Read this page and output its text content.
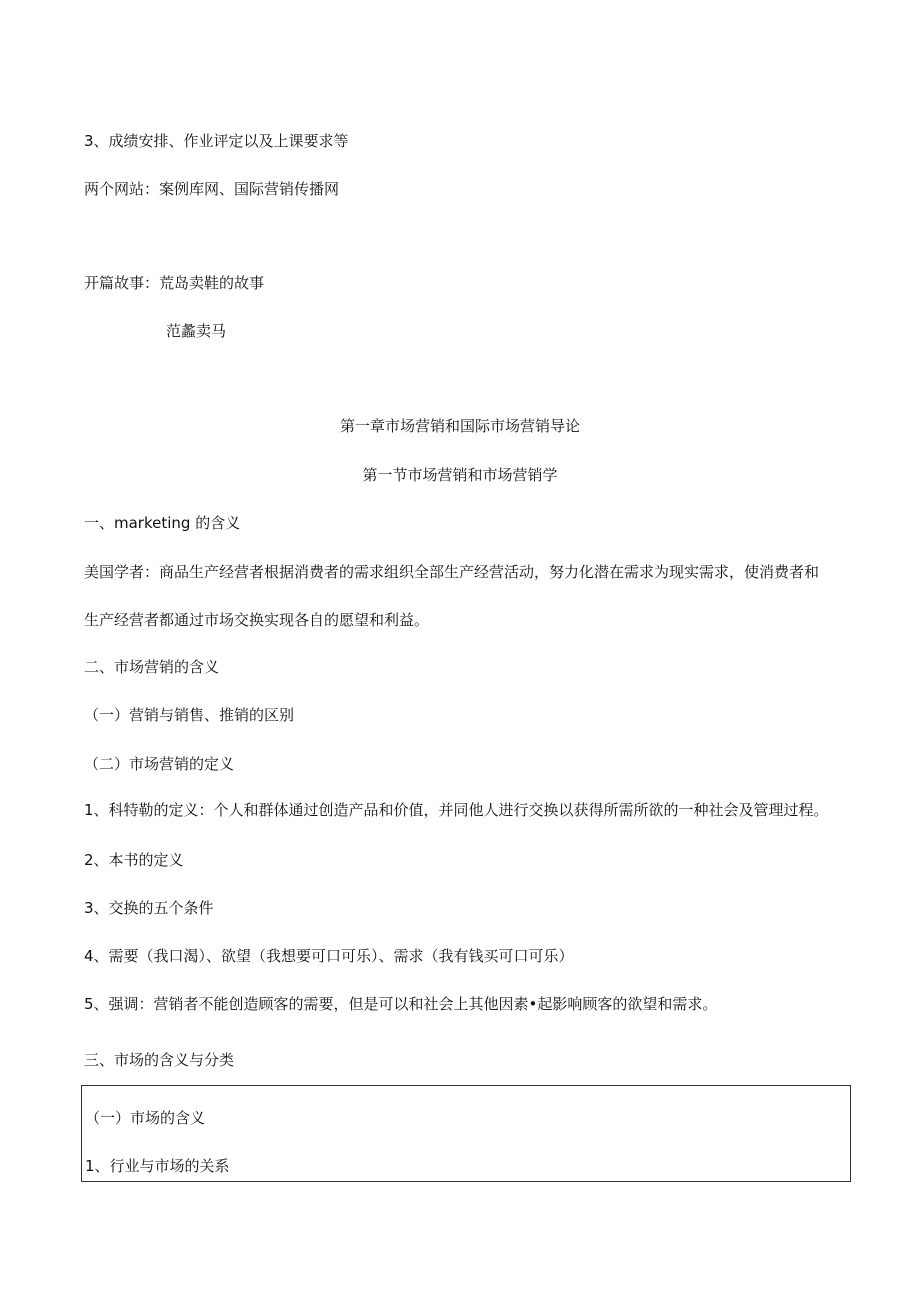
3、成绩安排、作业评定以及上课要求等
两个网站：案例库网、国际营销传播网
开篇故事：荒岛卖鞋的故事
范蠡卖马
第一章市场营销和国际市场营销导论
第一节市场营销和市场营销学
一、marketing 的含义
美国学者：商品生产经营者根据消费者的需求组织全部生产经营活动，努力化潜在需求为现实需求，使消费者和
生产经营者都通过市场交换实现各自的愿望和利益。
二、市场营销的含义
（一）营销与销售、推销的区别
（二）市场营销的定义
1、科特勒的定义：个人和群体通过创造产品和价值，并同他人进行交换以获得所需所欲的一种社会及管理过程。
2、本书的定义
3、交换的五个条件
4、需要（我口渴）、欲望（我想要可口可乐）、需求（我有钱买可口可乐）
5、强调：营销者不能创造顾客的需要，但是可以和社会上其他因素•起影响顾客的欲望和需求。
三、市场的含义与分类
（一）市场的含义
1、行业与市场的关系
